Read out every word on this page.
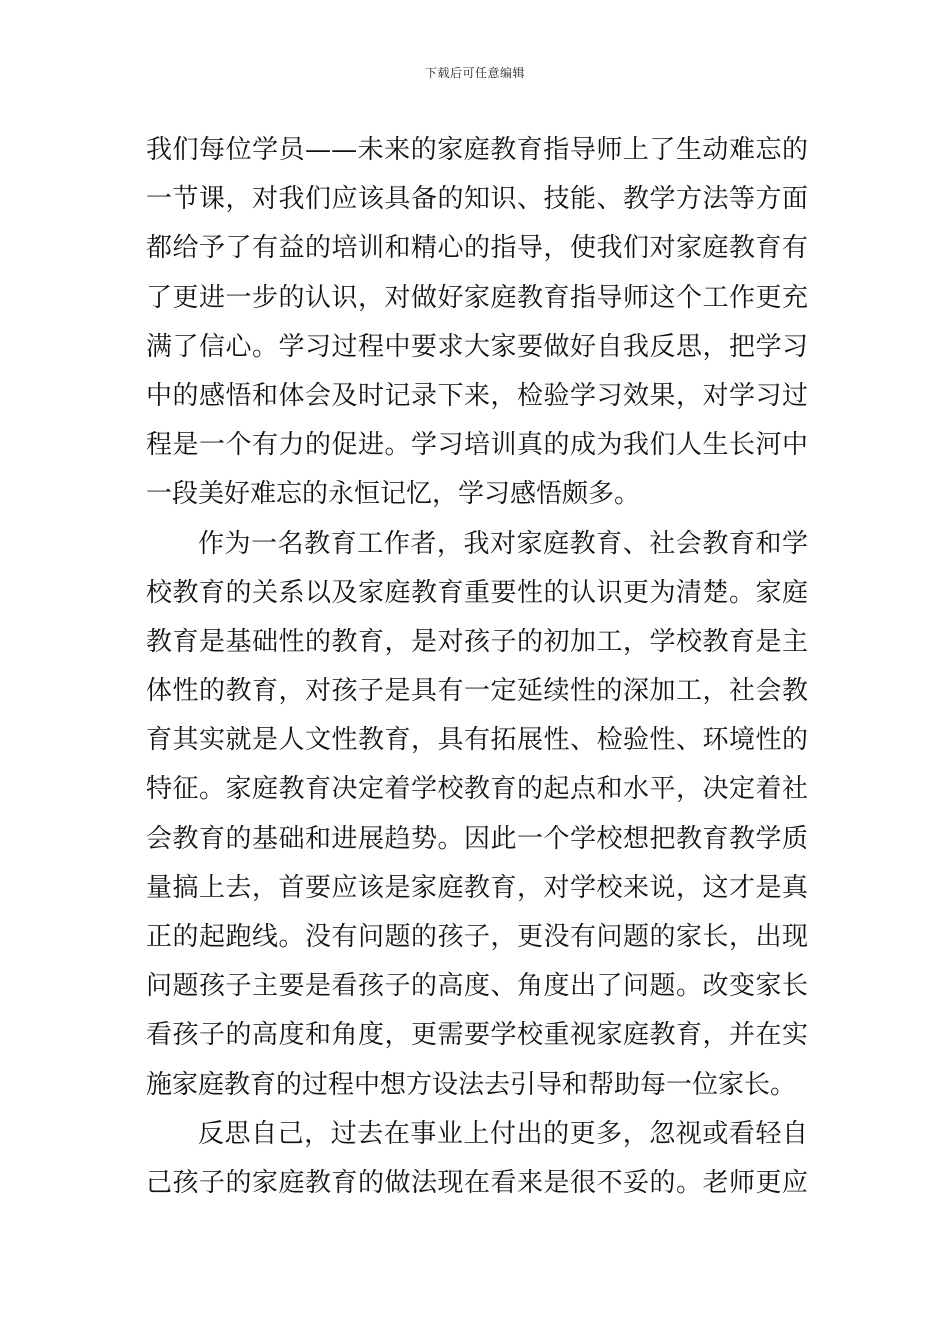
下载后可任意编辑
我们每位学员——未来的家庭教育指导师上了生动难忘的
一节课，对我们应该具备的知识、技能、教学方法等方面
都给予了有益的培训和精心的指导，使我们对家庭教育有
了更进一步的认识，对做好家庭教育指导师这个工作更充
满了信心。学习过程中要求大家要做好自我反思，把学习
中的感悟和体会及时记录下来，检验学习效果，对学习过
程是一个有力的促进。学习培训真的成为我们人生长河中
一段美好难忘的永恒记忆，学习感悟颇多。
作为一名教育工作者，我对家庭教育、社会教育和学
校教育的关系以及家庭教育重要性的认识更为清楚。家庭
教育是基础性的教育，是对孩子的初加工，学校教育是主
体性的教育，对孩子是具有一定延续性的深加工，社会教
育其实就是人文性教育，具有拓展性、检验性、环境性的
特征。家庭教育决定着学校教育的起点和水平，决定着社
会教育的基础和进展趋势。因此一个学校想把教育教学质
量搞上去，首要应该是家庭教育，对学校来说，这才是真
正的起跑线。没有问题的孩子，更没有问题的家长，出现
问题孩子主要是看孩子的高度、角度出了问题。改变家长
看孩子的高度和角度，更需要学校重视家庭教育，并在实
施家庭教育的过程中想方设法去引导和帮助每一位家长。
反思自己，过去在事业上付出的更多，忽视或看轻自
己孩子的家庭教育的做法现在看来是很不妥的。老师更应
